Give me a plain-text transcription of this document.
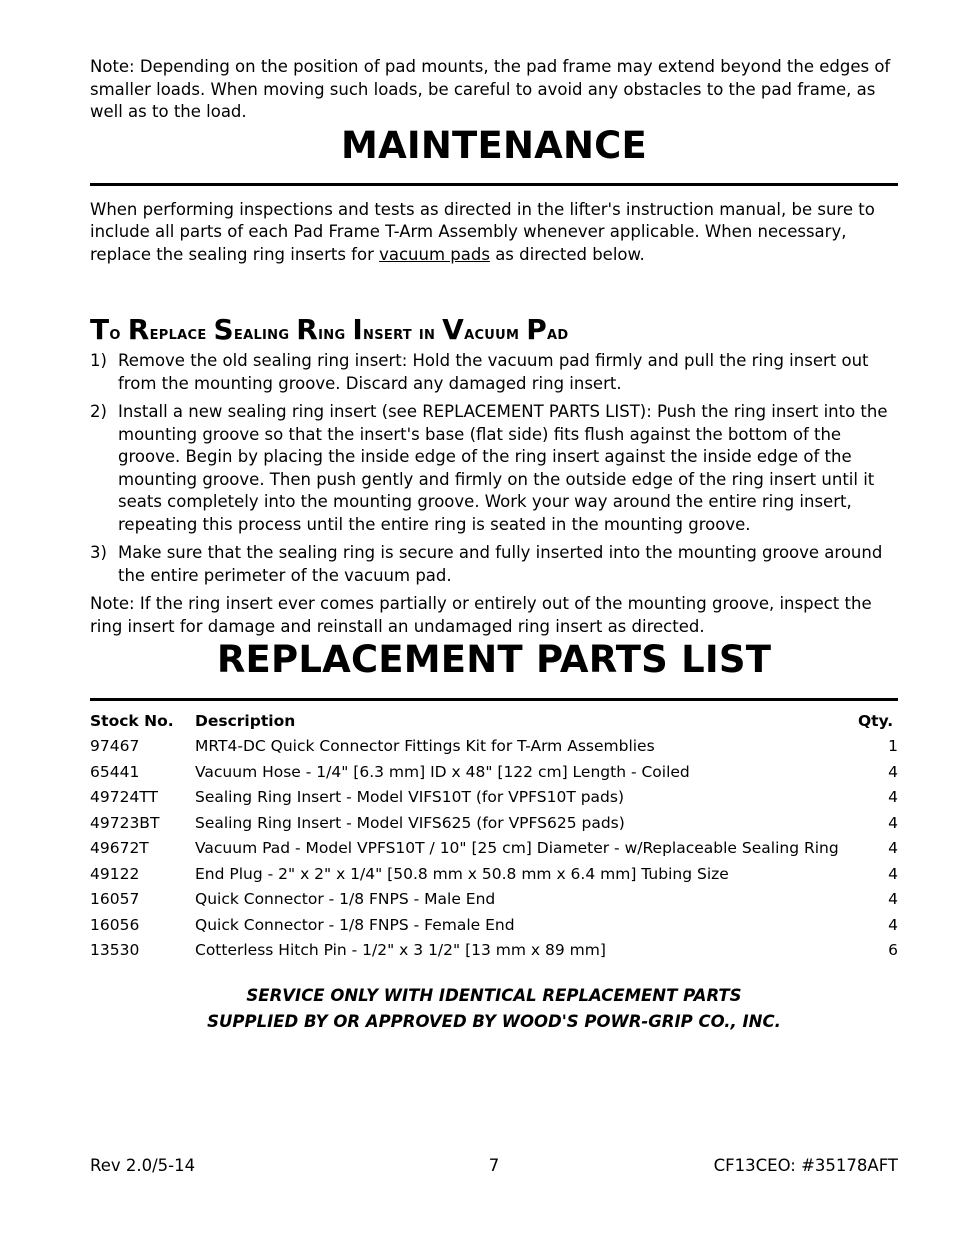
Note: Depending on the position of pad mounts, the pad frame may extend beyond the edges of smaller loads. When moving such loads, be careful to avoid any obstacles to the pad frame, as well as to the load.

MAINTENANCE

When performing inspections and tests as directed in the lifter's instruction manual, be sure to include all parts of each Pad Frame T-Arm Assembly whenever applicable. When necessary, replace the sealing ring inserts for vacuum pads as directed below.

To Replace Sealing Ring Insert in Vacuum Pad
1) Remove the old sealing ring insert: Hold the vacuum pad firmly and pull the ring insert out from the mounting groove. Discard any damaged ring insert.
2) Install a new sealing ring insert (see REPLACEMENT PARTS LIST): Push the ring insert into the mounting groove so that the insert's base (flat side) fits flush against the bottom of the groove. Begin by placing the inside edge of the ring insert against the inside edge of the mounting groove. Then push gently and firmly on the outside edge of the ring insert until it seats completely into the mounting groove. Work your way around the entire ring insert, repeating this process until the entire ring is seated in the mounting groove.
3) Make sure that the sealing ring is secure and fully inserted into the mounting groove around the entire perimeter of the vacuum pad.

Note: If the ring insert ever comes partially or entirely out of the mounting groove, inspect the ring insert for damage and reinstall an undamaged ring insert as directed.

REPLACEMENT PARTS LIST
Stock No.	Description	Qty.
97467	MRT4-DC Quick Connector Fittings Kit for T-Arm Assemblies	1
65441	Vacuum Hose - 1/4" [6.3 mm] ID x 48" [122 cm] Length - Coiled	4
49724TT	Sealing Ring Insert - Model VIFS10T (for VPFS10T pads)	4
49723BT	Sealing Ring Insert - Model VIFS625 (for VPFS625 pads)	4
49672T	Vacuum Pad - Model VPFS10T / 10" [25 cm] Diameter - w/Replaceable Sealing Ring	4
49122	End Plug - 2" x 2" x 1/4" [50.8 mm x 50.8 mm x 6.4 mm] Tubing Size	4
16057	Quick Connector - 1/8 FNPS - Male End	4
16056	Quick Connector - 1/8 FNPS - Female End	4
13530	Cotterless Hitch Pin - 1/2" x 3 1/2" [13 mm x 89 mm]	6
SERVICE ONLY WITH IDENTICAL REPLACEMENT PARTS
SUPPLIED BY OR APPROVED BY WOOD'S POWR-GRIP CO., INC.
Rev 2.0/5-14	7	CF13CEO: #35178AFT
